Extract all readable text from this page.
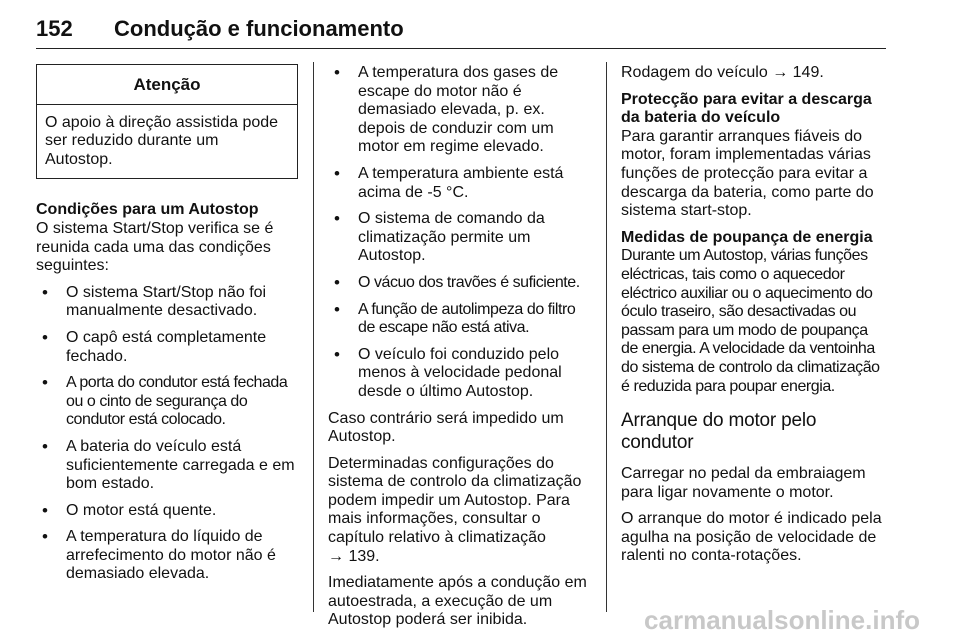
152 Condução e funcionamento
Atenção
O apoio à direção assistida pode ser reduzido durante um Autostop.
Condições para um Autostop

O sistema Start/Stop verifica se é reunida cada uma das condições seguintes:

• O sistema Start/Stop não foi manualmente desactivado.
• O capô está completamente fechado.
• A porta do condutor está fechada ou o cinto de segurança do condutor está colocado.
• A bateria do veículo está suficientemente carregada e em bom estado.
• O motor está quente.
• A temperatura do líquido de arrefecimento do motor não é demasiado elevada.
• A temperatura dos gases de escape do motor não é demasiado elevada, p. ex. depois de conduzir com um motor em regime elevado.
• A temperatura ambiente está acima de -5 °C.
• O sistema de comando da climatização permite um Autostop.
• O vácuo dos travões é suficiente.
• A função de autolimpeza do filtro de escape não está ativa.
• O veículo foi conduzido pelo menos à velocidade pedonal desde o último Autostop.

Caso contrário será impedido um Autostop.

Determinadas configurações do sistema de controlo da climatização podem impedir um Autostop. Para mais informações, consultar o capítulo relativo à climatização
→ 139.

Imediatamente após a condução em autoestrada, a execução de um Autostop poderá ser inibida.

Rodagem do veículo → 149.

Protecção para evitar a descarga da bateria do veículo

Para garantir arranques fiáveis do motor, foram implementadas várias funções de protecção para evitar a descarga da bateria, como parte do sistema start-stop.

Medidas de poupança de energia

Durante um Autostop, várias funções eléctricas, tais como o aquecedor eléctrico auxiliar ou o aquecimento do óculo traseiro, são desactivadas ou passam para um modo de poupança de energia. A velocidade da ventoinha do sistema de controlo da climatização é reduzida para poupar energia.

Arranque do motor pelo condutor

Carregar no pedal da embraiagem para ligar novamente o motor.

O arranque do motor é indicado pela agulha na posição de velocidade de ralenti no conta-rotações.

carmanualsonline.info
